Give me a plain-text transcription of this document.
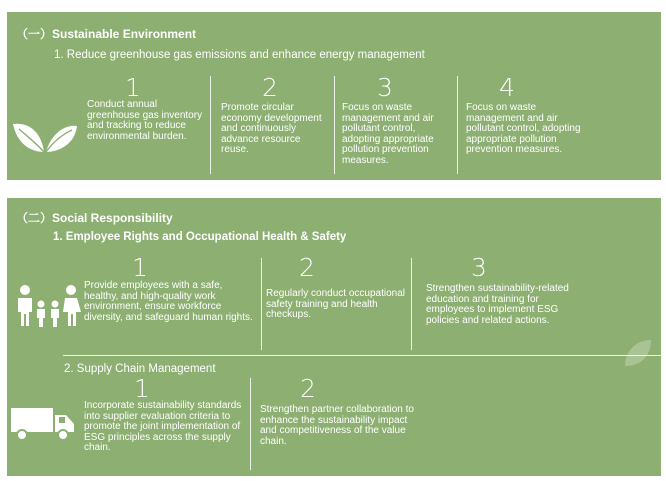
（一）Sustainable Environment
1. Reduce greenhouse gas emissions and enhance energy management
1
Conduct annual greenhouse gas inventory and tracking to reduce environmental burden.
2
Promote circular economy development and continuously advance resource reuse.
3
Focus on waste management and air pollutant control, adopting appropriate pollution prevention measures.
4
Focus on waste management and air pollutant control, adopting appropriate pollution prevention measures.
（二）Social Responsibility
1. Employee Rights and Occupational Health & Safety
1
Provide employees with a safe, healthy, and high-quality work environment, ensure workforce diversity, and safeguard human rights.
2
Regularly conduct occupational safety training and health checkups.
3
Strengthen sustainability-related education and training for employees to implement ESG policies and related actions.
2. Supply Chain Management
1
Incorporate sustainability standards into supplier evaluation criteria to promote the joint implementation of ESG principles across the supply chain.
2
Strengthen partner collaboration to enhance the sustainability impact and competitiveness of the value chain.
